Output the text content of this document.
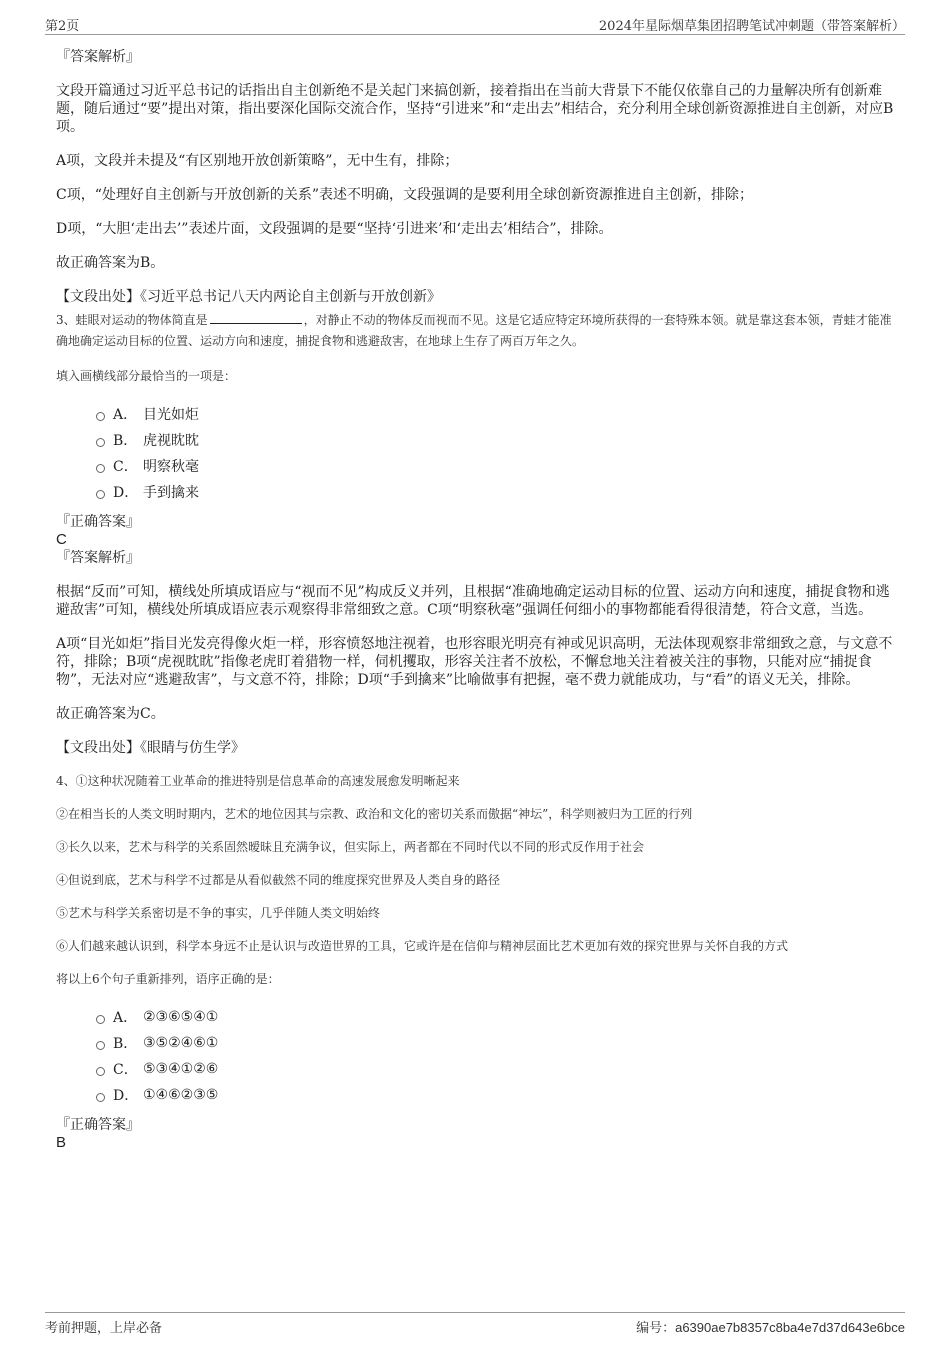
第2页	2024年星际烟草集团招聘笔试冲刺题（带答案解析）
『答案解析』
文段开篇通过习近平总书记的话指出自主创新绝不是关起门来搞创新，接着指出在当前大背景下不能仅依靠自己的力量解决所有创新难题，随后通过“要”提出对策，指出要深化国际交流合作，坚持“引进来”和“走出去”相结合，充分利用全球创新资源推进自主创新，对应B项。
A项，文段并未提及“有区别地开放创新策略”，无中生有，排除；
C项，“处理好自主创新与开放创新的关系”表述不明确，文段强调的是要利用全球创新资源推进自主创新，排除；
D项，“大胆‘走出去’”表述片面，文段强调的是要“坚持‘引进来’和‘走出去’相结合”，排除。
故正确答案为B。
【文段出处】《习近平总书记八天内两论自主创新与开放创新》
3、蛙眼对运动的物体简直是	，对静止不动的物体反而视而不见。这是它适应特定环境所获得的一套特殊本领。就是靠这套本领，青蛙才能准确地确定运动目标的位置、运动方向和速度，捕捉食物和逃避敌害，在地球上生存了两百万年之久。
填入画横线部分最恰当的一项是：
A． 目光如炬
B． 虎视眈眈
C． 明察秋毫
D． 手到擒来
『正确答案』
C
『答案解析』
根据“反而”可知，横线处所填成语应与“视而不见”构成反义并列，且根据“准确地确定运动目标的位置、运动方向和速度，捕捉食物和逃避敌害”可知，横线处所填成语应表示观察得非常细致之意。C项“明察秋毫”强调任何细小的事物都能看得很清楚，符合文意，当选。
A项“目光如炬”指目光发亮得像火炬一样，形容愤怒地注视着，也形容眼光明亮有神或见识高明，无法体现观察非常细致之意，与文意不符，排除；B项“虎视眈眈”指像老虎盯着猎物一样，伺机攫取，形容关注者不放松，不懈怠地关注着被关注的事物，只能对应“捕捉食物”，无法对应“逃避敌害”，与文意不符，排除；D项“手到擒来”比喻做事有把握，毫不费力就能成功，与“看”的语义无关，排除。
故正确答案为C。
【文段出处】《眼睛与仿生学》
4、①这种状况随着工业革命的推进特别是信息革命的高速发展愈发明晰起来
②在相当长的人类文明时期内，艺术的地位因其与宗教、政治和文化的密切关系而傲据“神坛”，科学则被归为工匠的行列
③长久以来，艺术与科学的关系固然暧昧且充满争议，但实际上，两者都在不同时代以不同的形式反作用于社会
④但说到底，艺术与科学不过都是从看似截然不同的维度探究世界及人类自身的路径
⑤艺术与科学关系密切是不争的事实，几乎伴随人类文明始终
⑥人们越来越认识到，科学本身远不止是认识与改造世界的工具，它或许是在信仰与精神层面比艺术更加有效的探究世界与关怀自我的方式
将以上6个句子重新排列，语序正确的是：
A． ②③⑥⑤④①
B． ③⑤②④⑥①
C． ⑤③④①②⑥
D． ①④⑥②③⑤
『正确答案』
B
考前押题，上岸必备	编号：a6390ae7b8357c8ba4e7d37d643e6bce
